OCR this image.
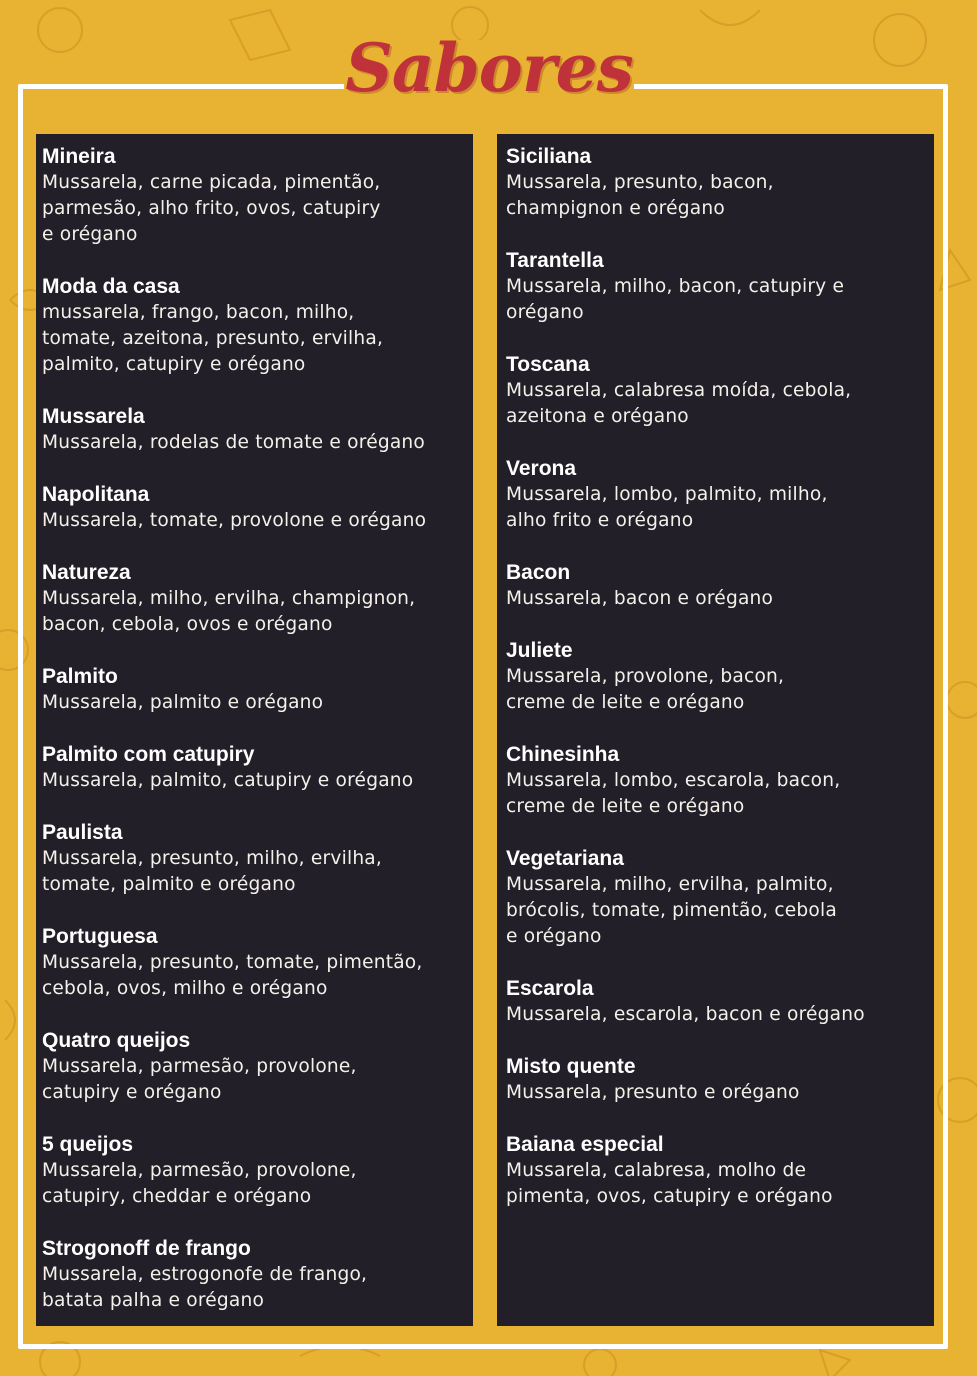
Sabores
Mineira
Mussarela, carne picada, pimentão,
parmesão, alho frito, ovos, catupiry
e orégano
Moda da casa
mussarela, frango, bacon, milho,
tomate, azeitona, presunto, ervilha,
palmito, catupiry e orégano
Mussarela
Mussarela, rodelas de tomate e orégano
Napolitana
Mussarela, tomate, provolone e orégano
Natureza
Mussarela, milho, ervilha, champignon,
bacon, cebola, ovos e orégano
Palmito
Mussarela, palmito e orégano
Palmito com catupiry
Mussarela, palmito, catupiry e orégano
Paulista
Mussarela, presunto, milho, ervilha,
tomate, palmito e orégano
Portuguesa
Mussarela, presunto, tomate, pimentão,
cebola, ovos, milho e orégano
Quatro queijos
Mussarela, parmesão, provolone,
catupiry e orégano
5 queijos
Mussarela, parmesão, provolone,
catupiry, cheddar e orégano
Strogonoff de frango
Mussarela, estrogonofe de frango,
batata palha e orégano
Siciliana
Mussarela, presunto, bacon,
champignon e orégano
Tarantella
Mussarela, milho, bacon, catupiry e
orégano
Toscana
Mussarela, calabresa moída, cebola,
azeitona e orégano
Verona
Mussarela, lombo, palmito, milho,
alho frito e orégano
Bacon
Mussarela, bacon e orégano
Juliete
Mussarela, provolone, bacon,
creme de leite e orégano
Chinesinha
Mussarela, lombo, escarola, bacon,
creme de leite e orégano
Vegetariana
Mussarela, milho, ervilha, palmito,
brócolis, tomate, pimentão, cebola
e orégano
Escarola
Mussarela, escarola, bacon e orégano
Misto quente
Mussarela, presunto e orégano
Baiana especial
Mussarela, calabresa, molho de
pimenta, ovos, catupiry e orégano
